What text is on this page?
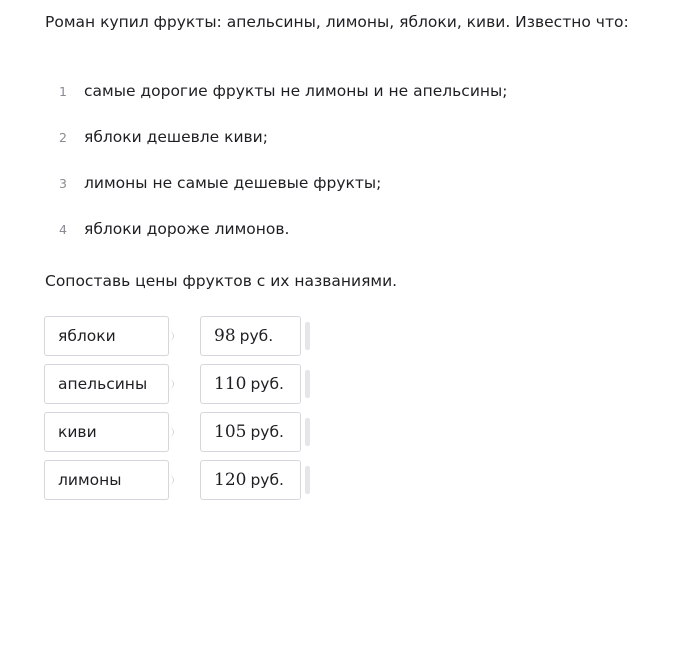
Роман купил фрукты: апельсины, лимоны, яблоки, киви. Известно что:
1	самые дорогие фрукты не лимоны и не апельсины;
2	яблоки дешевле киви;
3	лимоны не самые дешевые фрукты;
4	яблоки дороже лимонов.
Сопоставь цены фруктов с их названиями.
яблоки	98 руб.
апельсины	110 руб.
киви	105 руб.
лимоны	120 руб.
